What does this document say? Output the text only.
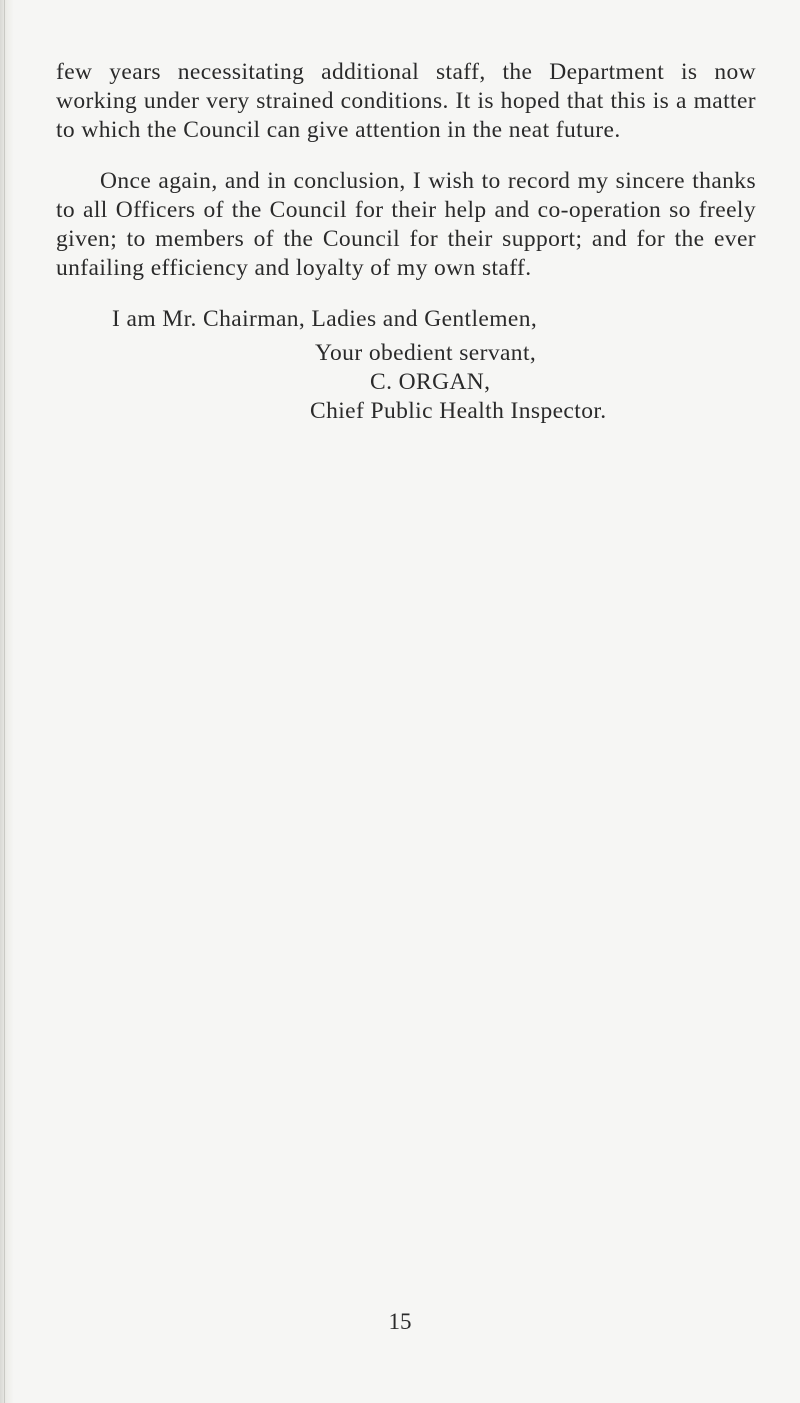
few years necessitating additional staff, the Department is now working under very strained conditions. It is hoped that this is a matter to which the Council can give attention in the neat future.

Once again, and in conclusion, I wish to record my sincere thanks to all Officers of the Council for their help and co-operation so freely given; to members of the Council for their support; and for the ever unfailing efficiency and loyalty of my own staff.

I am Mr. Chairman, Ladies and Gentlemen,
Your obedient servant,
C. ORGAN,
Chief Public Health Inspector.
15
